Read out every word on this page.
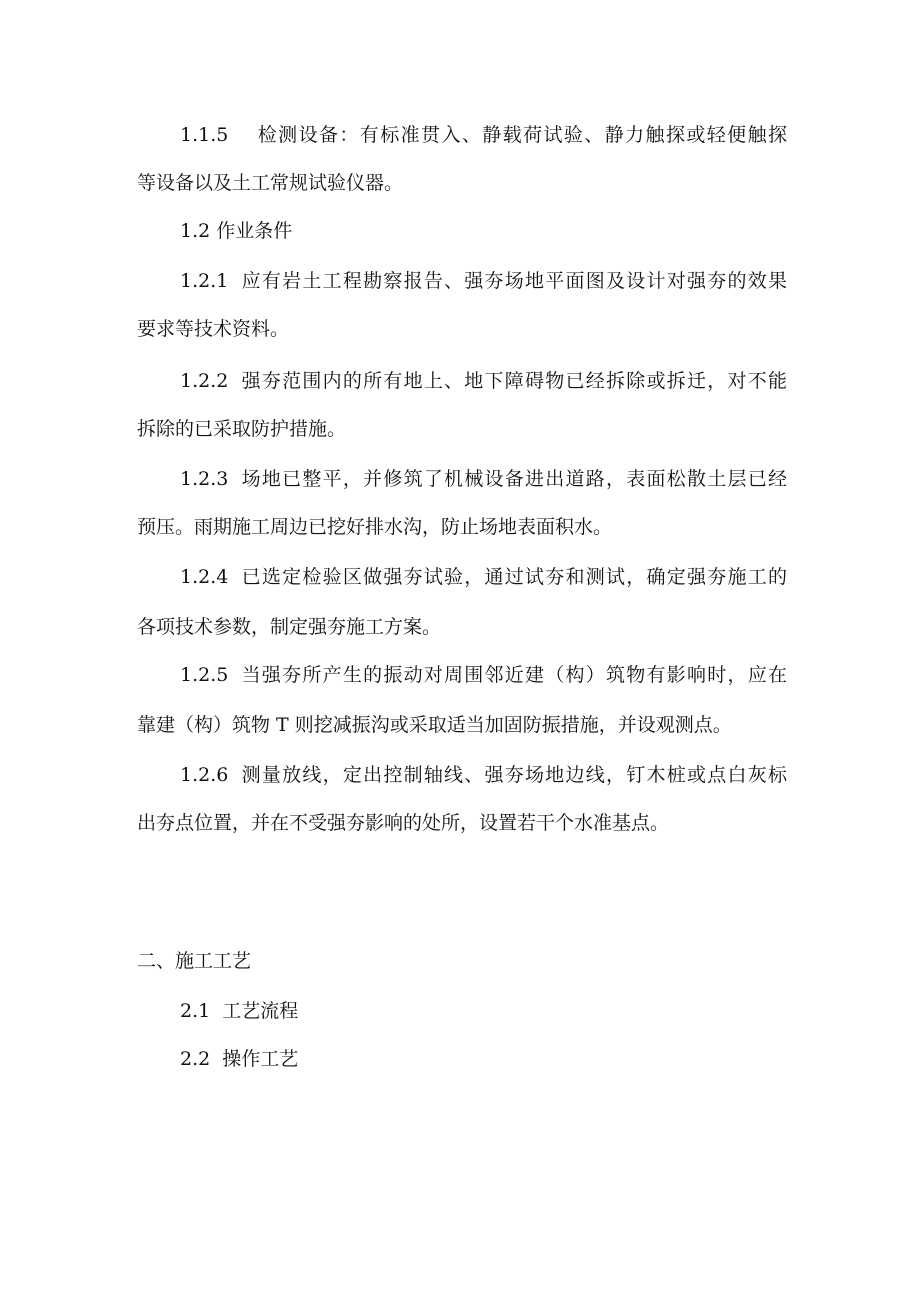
1.1.5 检测设备：有标准贯入、静载荷试验、静力触探或轻便触探
等设备以及土工常规试验仪器。
1.2 作业条件
1.2.1 应有岩土工程勘察报告、强夯场地平面图及设计对强夯的效果
要求等技术资料。
1.2.2 强夯范围内的所有地上、地下障碍物已经拆除或拆迁，对不能
拆除的已采取防护措施。
1.2.3 场地已整平，并修筑了机械设备进出道路，表面松散土层已经
预压。雨期施工周边已挖好排水沟，防止场地表面积水。
1.2.4 已选定检验区做强夯试验，通过试夯和测试，确定强夯施工的
各项技术参数，制定强夯施工方案。
1.2.5 当强夯所产生的振动对周围邻近建（构）筑物有影响时，应在
靠建（构）筑物 T 则挖减振沟或采取适当加固防振措施，并设观测点。
1.2.6 测量放线，定出控制轴线、强夯场地边线，钉木桩或点白灰标
出夯点位置，并在不受强夯影响的处所，设置若干个水准基点。
二、施工工艺
2.1 工艺流程
2.2 操作工艺
